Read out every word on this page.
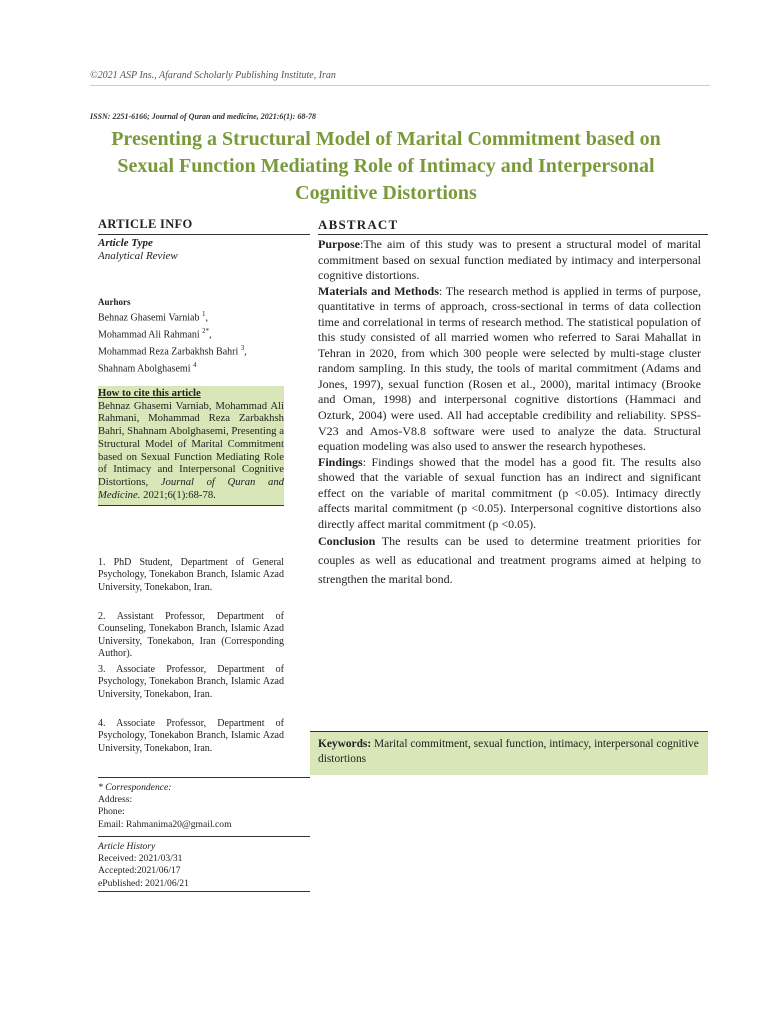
©2021 ASP Ins., Afarand Scholarly Publishing Institute, Iran
ISSN: 2251-6166; Journal of Quran and medicine, 2021:6(1): 68-78
Presenting a Structural Model of Marital Commitment based on
Sexual Function Mediating Role of Intimacy and Interpersonal
Cognitive Distortions
ARTICLE INFO
Article Type
Analytical Review
Aurhors
Behnaz Ghasemi Varniab $^1$,
Mohammad Ali Rahmani $^{2*}$,
Mohammad Reza Zarbakhsh Bahri $^3$,
Shahnam Abolghasemi $^4$
How to cite this article
Behnaz Ghasemi Varniab, Mohammad Ali Rahmani, Mohammad Reza Zarbakhsh Bahri, Shahnam Abolghasemi, Presenting a Structural Model of Marital Commitment based on Sexual Function Mediating Role of Intimacy and Interpersonal Cognitive Distortions, Journal of Quran and Medicine. 2021;6(1):68-78.
1. PhD Student, Department of General Psychology, Tonekabon Branch, Islamic Azad University, Tonekabon, Iran.
2. Assistant Professor, Department of Counseling, Tonekabon Branch, Islamic Azad University, Tonekabon, Iran (Corresponding Author).
3. Associate Professor, Department of Psychology, Tonekabon Branch, Islamic Azad University, Tonekabon, Iran.
4. Associate Professor, Department of Psychology, Tonekabon Branch, Islamic Azad University, Tonekabon, Iran.
* Correspondence:
Address:
Phone:
Email: Rahmanima20@gmail.com
Article History
Received: 2021/03/31
Accepted:2021/06/17
ePublished: 2021/06/21
ABSTRACT
Purpose:The aim of this study was to present a structural model of marital commitment based on sexual function mediated by intimacy and interpersonal cognitive distortions.
Materials and Methods: The research method is applied in terms of purpose, quantitative in terms of approach, cross-sectional in terms of data collection time and correlational in terms of research method. The statistical population of this study consisted of all married women who referred to Sarai Mahallat in Tehran in 2020, from which 300 people were selected by multi-stage cluster random sampling. In this study, the tools of marital commitment (Adams and Jones, 1997), sexual function (Rosen et al., 2000), marital intimacy (Brooke and Oman, 1998) and interpersonal cognitive distortions (Hammaci and Ozturk, 2004) were used. All had acceptable credibility and reliability. SPSS-V23 and Amos-V8.8 software were used to analyze the data. Structural equation modeling was also used to answer the research hypotheses.
Findings: Findings showed that the model has a good fit. The results also showed that the variable of sexual function has an indirect and significant effect on the variable of marital commitment (p <0.05). Intimacy directly affects marital commitment (p <0.05). Interpersonal cognitive distortions also directly affect marital commitment (p <0.05).
Conclusion The results can be used to determine treatment priorities for couples as well as educational and treatment programs aimed at helping to strengthen the marital bond.
Keywords: Marital commitment, sexual function, intimacy, interpersonal cognitive distortions
